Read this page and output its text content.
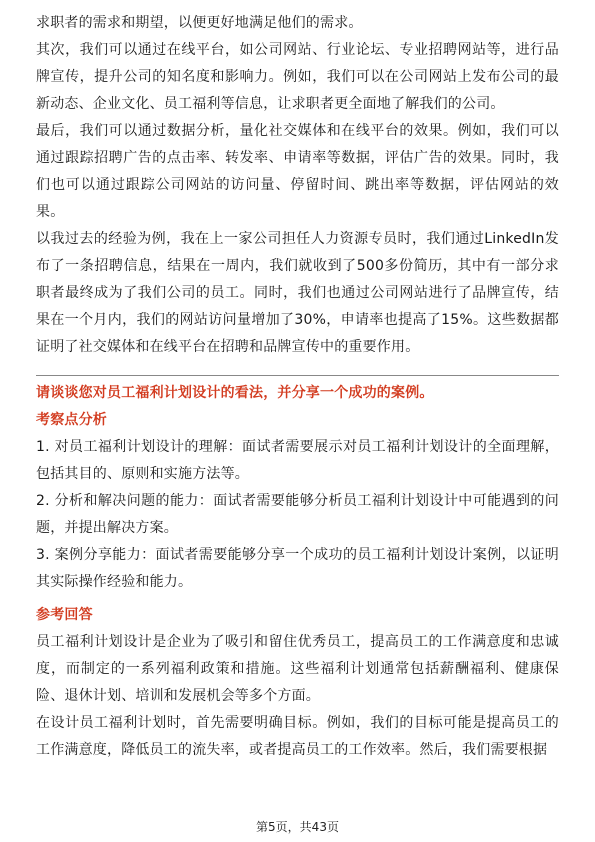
求职者的需求和期望，以便更好地满足他们的需求。

其次，我们可以通过在线平台，如公司网站、行业论坛、专业招聘网站等，进行品牌宣传，提升公司的知名度和影响力。例如，我们可以在公司网站上发布公司的最新动态、企业文化、员工福利等信息，让求职者更全面地了解我们的公司。

最后，我们可以通过数据分析，量化社交媒体和在线平台的效果。例如，我们可以通过跟踪招聘广告的点击率、转发率、申请率等数据，评估广告的效果。同时，我们也可以通过跟踪公司网站的访问量、停留时间、跳出率等数据，评估网站的效果。

以我过去的经验为例，我在上一家公司担任人力资源专员时，我们通过LinkedIn发布了一条招聘信息，结果在一周内，我们就收到了500多份简历，其中有一部分求职者最终成为了我们公司的员工。同时，我们也通过公司网站进行了品牌宣传，结果在一个月内，我们的网站访问量增加了30%，申请率也提高了15%。这些数据都证明了社交媒体和在线平台在招聘和品牌宣传中的重要作用。

请谈谈您对员工福利计划设计的看法，并分享一个成功的案例。

考察点分析

1. 对员工福利计划设计的理解：面试者需要展示对员工福利计划设计的全面理解，包括其目的、原则和实施方法等。

2. 分析和解决问题的能力：面试者需要能够分析员工福利计划设计中可能遇到的问题，并提出解决方案。

3. 案例分享能力：面试者需要能够分享一个成功的员工福利计划设计案例，以证明其实际操作经验和能力。

参考回答

员工福利计划设计是企业为了吸引和留住优秀员工，提高员工的工作满意度和忠诚度，而制定的一系列福利政策和措施。这些福利计划通常包括薪酬福利、健康保险、退休计划、培训和发展机会等多个方面。

在设计员工福利计划时，首先需要明确目标。例如，我们的目标可能是提高员工的工作满意度，降低员工的流失率，或者提高员工的工作效率。然后，我们需要根据

第5页，共43页
